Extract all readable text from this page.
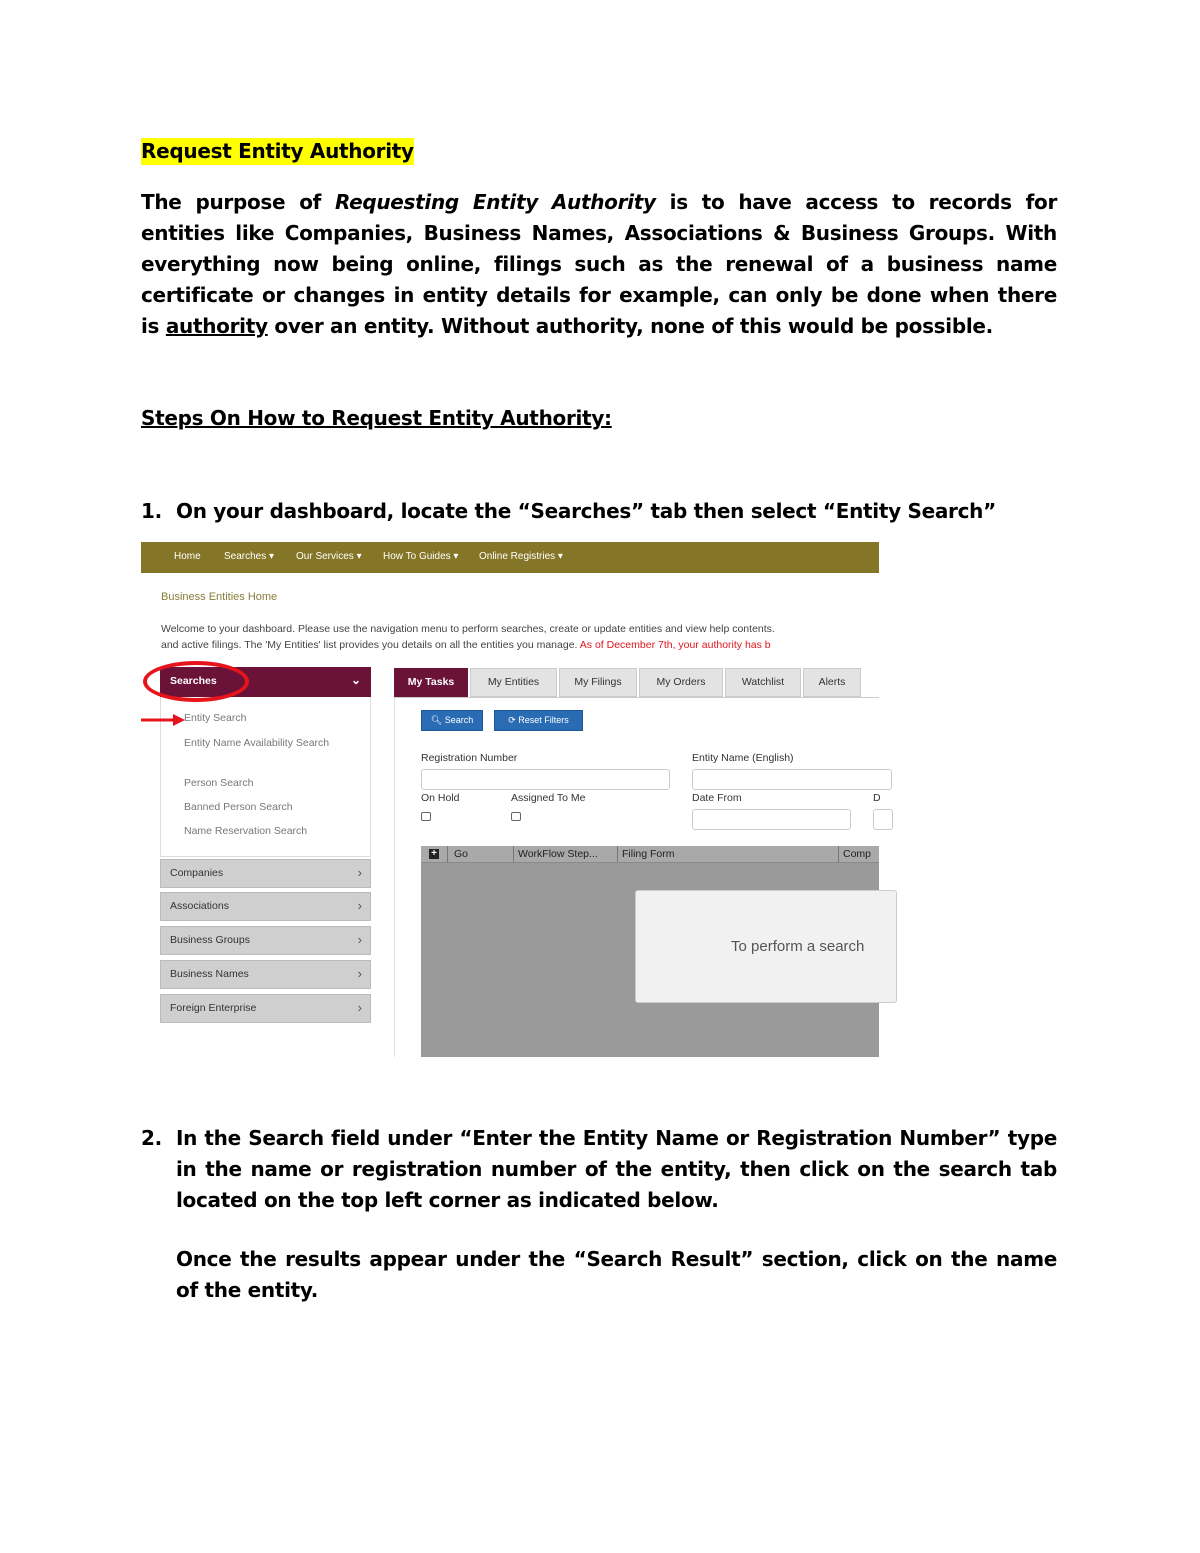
Request Entity Authority
The purpose of Requesting Entity Authority is to have access to records for entities like Companies, Business Names, Associations & Business Groups. With everything now being online, filings such as the renewal of a business name certificate or changes in entity details for example, can only be done when there is authority over an entity. Without authority, none of this would be possible.
Steps On How to Request Entity Authority:
1. On your dashboard, locate the “Searches” tab then select “Entity Search”
2. In the Search field under “Enter the Entity Name or Registration Number” type in the name or registration number of the entity, then click on the search tab located on the top left corner as indicated below.
Once the results appear under the “Search Result” section, click on the name of the entity.
Home Searches ▾ Our Services ▾ How To Guides ▾ Online Registries ▾
Business Entities Home
Welcome to your dashboard. Please use the navigation menu to perform searches, create or update entities and view help contents.
and active filings. The 'My Entities' list provides you details on all the entities you manage. As of December 7th, your authority has b
Searches	⌄
Entity Search
Entity Name Availability Search
Person Search
Banned Person Search
Name Reservation Search
Companies	›
Associations	›
Business Groups	›
Business Names	›
Foreign Enterprise	›
My Tasks	My Entities	My Filings	My Orders	Watchlist	Alerts
🔍︎ Search	⟳ Reset Filters
Registration Number	Entity Name (English)
On Hold	Assigned To Me	Date From	D
+ Go	WorkFlow Step... Filing Form	Comp
To perform a search
